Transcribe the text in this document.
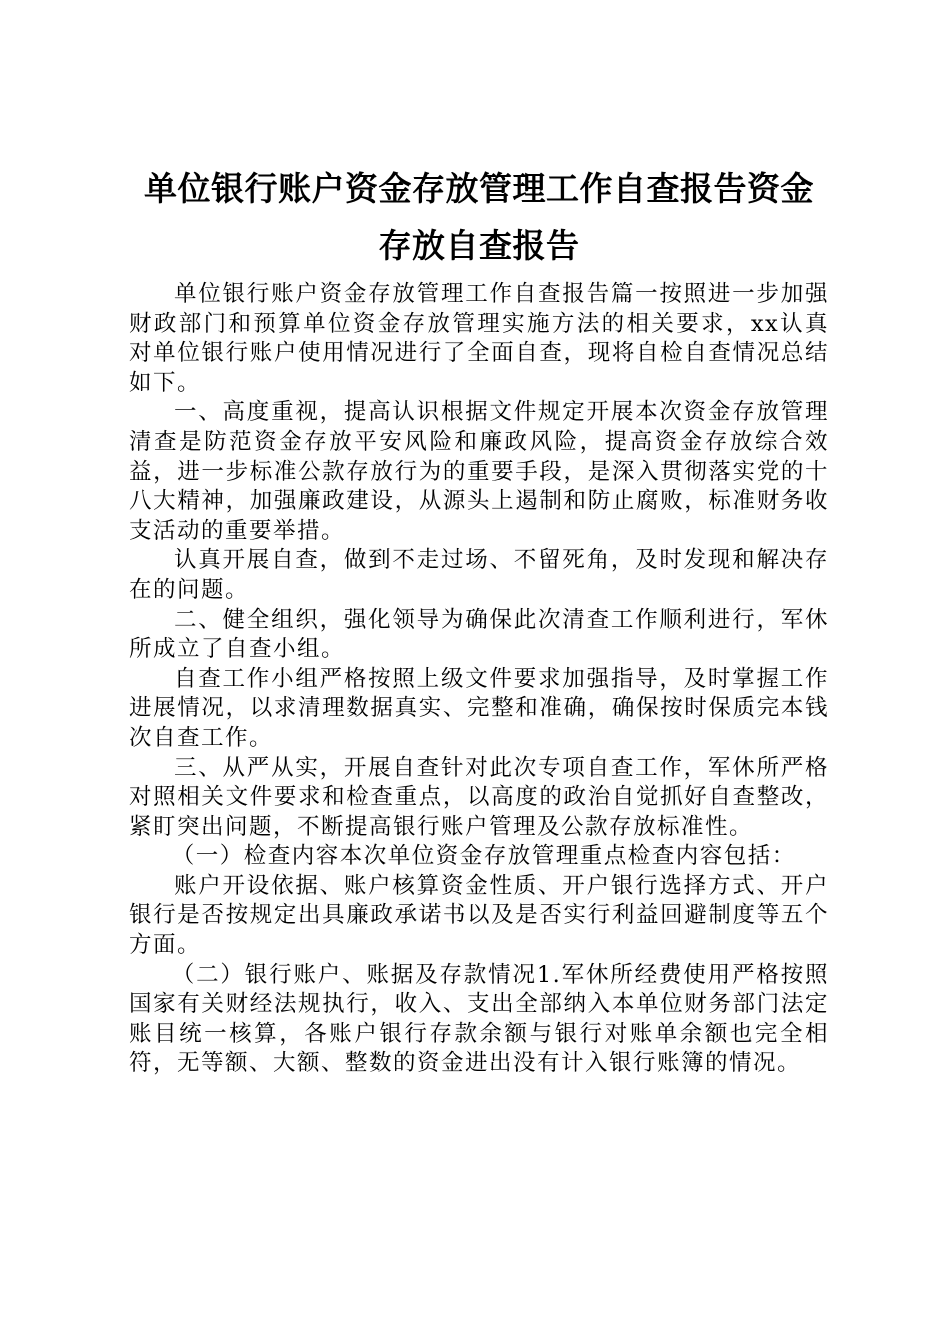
单位银行账户资金存放管理工作自查报告资金
存放自查报告

单位银行账户资金存放管理工作自查报告篇一按照进一步加强财政部门和预算单位资金存放管理实施方法的相关要求，xx认真对单位银行账户使用情况进行了全面自查，现将自检自查情况总结如下。

一、高度重视，提高认识根据文件规定开展本次资金存放管理清查是防范资金存放平安风险和廉政风险，提高资金存放综合效益，进一步标准公款存放行为的重要手段，是深入贯彻落实党的十八大精神，加强廉政建设，从源头上遏制和防止腐败，标准财务收支活动的重要举措。

认真开展自查，做到不走过场、不留死角，及时发现和解决存在的问题。

二、健全组织，强化领导为确保此次清查工作顺利进行，军休所成立了自查小组。

自查工作小组严格按照上级文件要求加强指导，及时掌握工作进展情况，以求清理数据真实、完整和准确，确保按时保质完本钱次自查工作。

三、从严从实，开展自查针对此次专项自查工作，军休所严格对照相关文件要求和检查重点，以高度的政治自觉抓好自查整改，紧盯突出问题，不断提高银行账户管理及公款存放标准性。

（一）检查内容本次单位资金存放管理重点检查内容包括：

账户开设依据、账户核算资金性质、开户银行选择方式、开户银行是否按规定出具廉政承诺书以及是否实行利益回避制度等五个方面。

（二）银行账户、账据及存款情况1.军休所经费使用严格按照国家有关财经法规执行，收入、支出全部纳入本单位财务部门法定账目统一核算，各账户银行存款余额与银行对账单余额也完全相符，无等额、大额、整数的资金进出没有计入银行账簿的情况。
